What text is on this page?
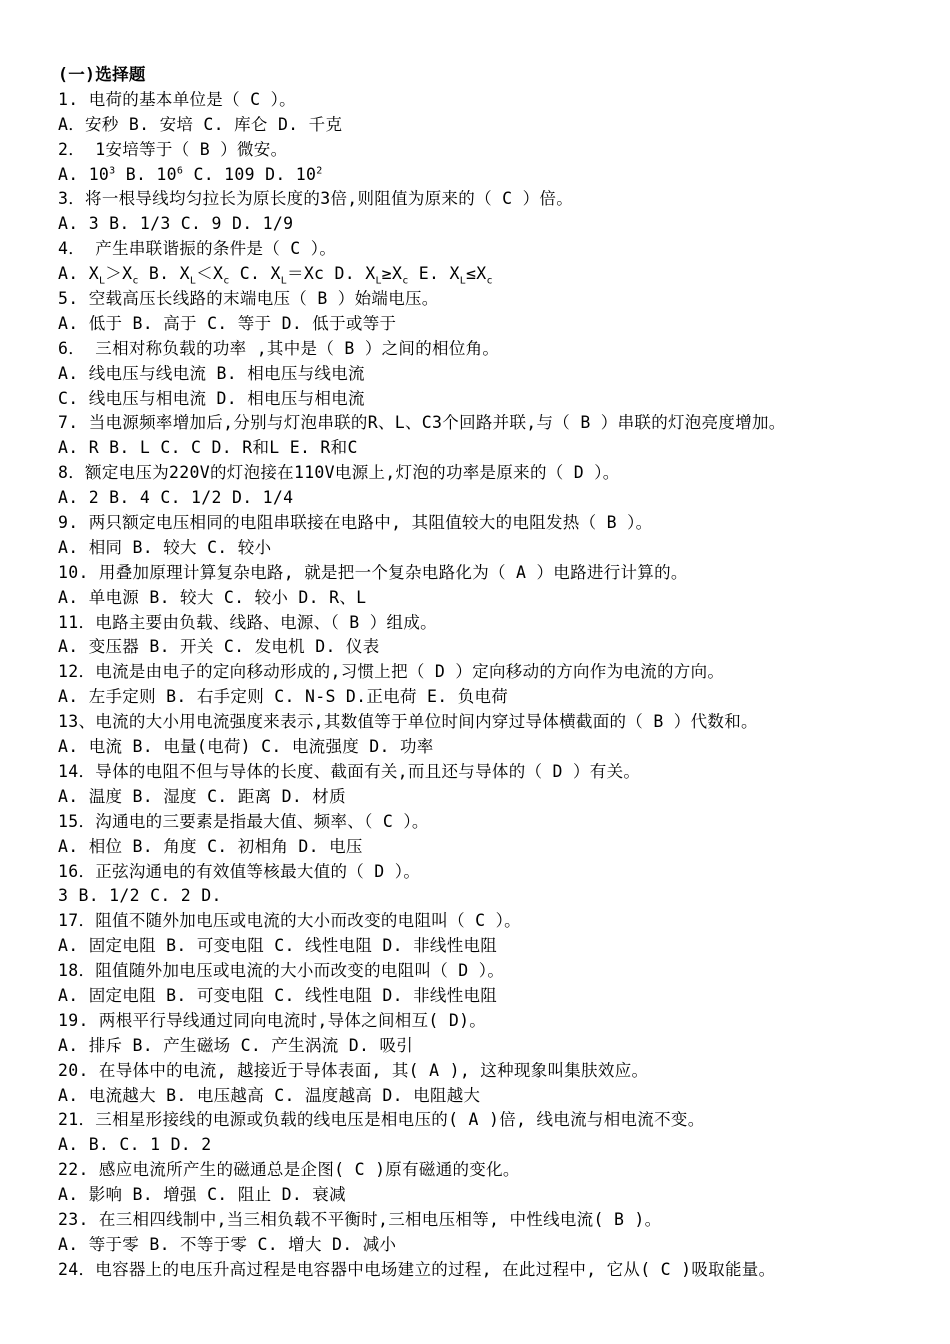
(一)选择题
1. 电荷的基本单位是（ C ）。
A．安秒 B. 安培 C. 库仑 D. 千克
2． 1安培等于（ B ）微安。
A. $10^3$ B. $10^6$ C. 109 D. $10^2$
3．将一根导线均匀拉长为原长度的3倍,则阻值为原来的（ C ）倍。
A. 3 B. 1/3 C. 9 D. 1/9
4． 产生串联谐振的条件是（ C ）。
A. $X_L>X_c$ B. $X_L<X_c$ C. $X_L=Xc$ D. $X_L\ge X_c$ E. $X_L\le X_c$
5. 空载高压长线路的末端电压（ B ）始端电压。
A. 低于 B. 高于 C. 等于 D. 低于或等于
6． 三相对称负载的功率 ,其中是（ B ）之间的相位角。
A. 线电压与线电流 B. 相电压与线电流
C. 线电压与相电流 D. 相电压与相电流
7. 当电源频率增加后,分别与灯泡串联的R、L、C3个回路并联,与（ B ）串联的灯泡亮度增加。
A. R B. L C. C D. R和L E. R和C
8．额定电压为220V的灯泡接在110V电源上,灯泡的功率是原来的（ D ）。
A. 2 B. 4 C. 1/2 D. 1/4
9. 两只额定电压相同的电阻串联接在电路中, 其阻值较大的电阻发热（ B ）。
A. 相同 B. 较大 C. 较小
10. 用叠加原理计算复杂电路, 就是把一个复杂电路化为（ A ）电路进行计算的。
A. 单电源 B. 较大 C. 较小 D. R、L
11．电路主要由负载、线路、电源、（ B ）组成。
A. 变压器 B. 开关 C. 发电机 D. 仪表
12．电流是由电子的定向移动形成的,习惯上把（ D ）定向移动的方向作为电流的方向。
A. 左手定则 B. 右手定则 C. N-S D.正电荷 E. 负电荷
13、电流的大小用电流强度来表示,其数值等于单位时间内穿过导体横截面的（ B ）代数和。
A. 电流 B. 电量(电荷) C. 电流强度 D. 功率
14．导体的电阻不但与导体的长度、截面有关,而且还与导体的（ D ）有关。
A. 温度 B. 湿度 C. 距离 D. 材质
15．沟通电的三要素是指最大值、频率、（ C ）。
A. 相位 B. 角度 C. 初相角 D. 电压
16．正弦沟通电的有效值等核最大值的（ D ）。
3 B. 1/2 C. 2 D.
17．阻值不随外加电压或电流的大小而改变的电阻叫（ C ）。
A. 固定电阻 B. 可变电阻 C. 线性电阻 D. 非线性电阻
18．阻值随外加电压或电流的大小而改变的电阻叫（ D ）。
A. 固定电阻 B. 可变电阻 C. 线性电阻 D. 非线性电阻
19. 两根平行导线通过同向电流时,导体之间相互( D)。
A. 排斥 B. 产生磁场 C. 产生涡流 D. 吸引
20. 在导体中的电流, 越接近于导体表面, 其( A ), 这种现象叫集肤效应。
A. 电流越大 B. 电压越高 C. 温度越高 D. 电阻越大
21．三相星形接线的电源或负载的线电压是相电压的( A )倍, 线电流与相电流不变。
A. B. C. 1 D. 2
22. 感应电流所产生的磁通总是企图( C )原有磁通的变化。
A. 影响 B. 增强 C. 阻止 D. 衰减
23. 在三相四线制中,当三相负载不平衡时,三相电压相等, 中性线电流( B )。
A. 等于零 B. 不等于零 C. 增大 D. 减小
24．电容器上的电压升高过程是电容器中电场建立的过程, 在此过程中, 它从( C )吸取能量。
